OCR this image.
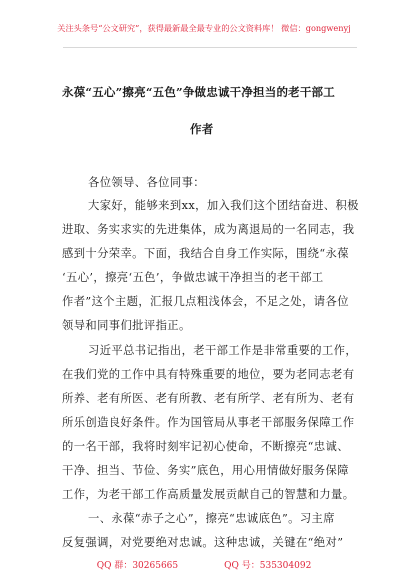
关注头条号“公文研究”，获得最新最全最专业的公文资料库！ 微信：gongwenyj
永葆“五心”擦亮“五色”争做忠诚干净担当的老干部工
作者
各位领导、各位同事：
大家好，能够来到xx，加入我们这个团结奋进、积极
进取、务实求实的先进集体，成为离退局的一名同志，我
感到十分荣幸。下面，我结合自身工作实际，围绕“永葆
‘五心’，擦亮‘五色’，争做忠诚干净担当的老干部工
作者”这个主题，汇报几点粗浅体会，不足之处，请各位
领导和同事们批评指正。
习近平总书记指出，老干部工作是非常重要的工作，
在我们党的工作中具有特殊重要的地位，要为老同志老有
所养、老有所医、老有所教、老有所学、老有所为、老有
所乐创造良好条件。作为国管局从事老干部服务保障工作
的一名干部，我将时刻牢记初心使命，不断擦亮“忠诚、
干净、担当、节俭、务实”底色，用心用情做好服务保障
工作，为老干部工作高质量发展贡献自己的智慧和力量。
一、永葆“赤子之心”，擦亮“忠诚底色”。习主席
反复强调，对党要绝对忠诚。这种忠诚，关键在“绝对”
QQ 群：30265665	QQ 号：535304092
